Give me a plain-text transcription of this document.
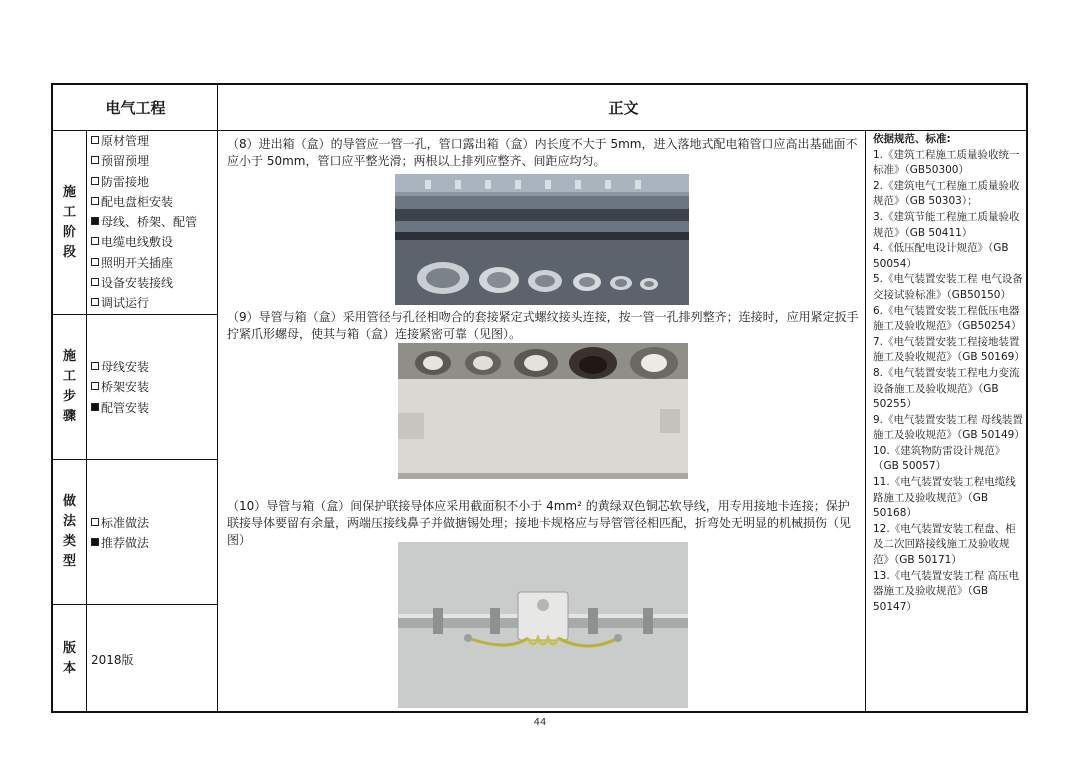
电气工程	正文
施工阶段
原材管理
预留预埋
防雷接地
配电盘柜安装
母线、桥架、配管
电缆电线敷设
照明开关插座
设备安装接线
调试运行
施工步骤
母线安装
桥架安装
配管安装
做法类型
标准做法
推荐做法
版本
2018版

（8）进出箱（盒）的导管应一管一孔，管口露出箱（盒）内长度不大于 5mm，进入落地式配电箱管口应高出基础面不应小于 50mm，管口应平整光滑；两根以上排列应整齐、间距应均匀。

（9）导管与箱（盒）采用管径与孔径相吻合的套接紧定式螺纹接头连接，按一管一孔排列整齐；连接时，应用紧定扳手拧紧爪形螺母，使其与箱（盒）连接紧密可靠（见图）。

（10）导管与箱（盒）间保护联接导体应采用截面积不小于 4mm² 的黄绿双色铜芯软导线，用专用接地卡连接；保护联接导体要留有余量，两端压接线鼻子并做搪锡处理；接地卡规格应与导管管径相匹配，折弯处无明显的机械损伤（见图）

依据规范、标准:
1.《建筑工程施工质量验收统一标准》（GB50300）
2.《建筑电气工程施工质量验收规范》（GB 50303）；
3.《建筑节能工程施工质量验收规范》（GB 50411）
4.《低压配电设计规范》（GB 50054）
5.《电气装置安装工程 电气设备交接试验标准》（GB50150）
6.《电气装置安装工程低压电器施工及验收规范》（GB50254）
7.《电气装置安装工程接地装置施工及验收规范》（GB 50169）
8.《电气装置安装工程电力变流设备施工及验收规范》（GB 50255）
9.《电气装置安装工程 母线装置施工及验收规范》（GB 50149）
10.《建筑物防雷设计规范》（GB 50057）
11.《电气装置安装工程电缆线路施工及验收规范》（GB 50168）
12.《电气装置安装工程盘、柜及二次回路接线施工及验收规范》（GB 50171）
13.《电气装置安装工程 高压电器施工及验收规范》（GB 50147）
44
